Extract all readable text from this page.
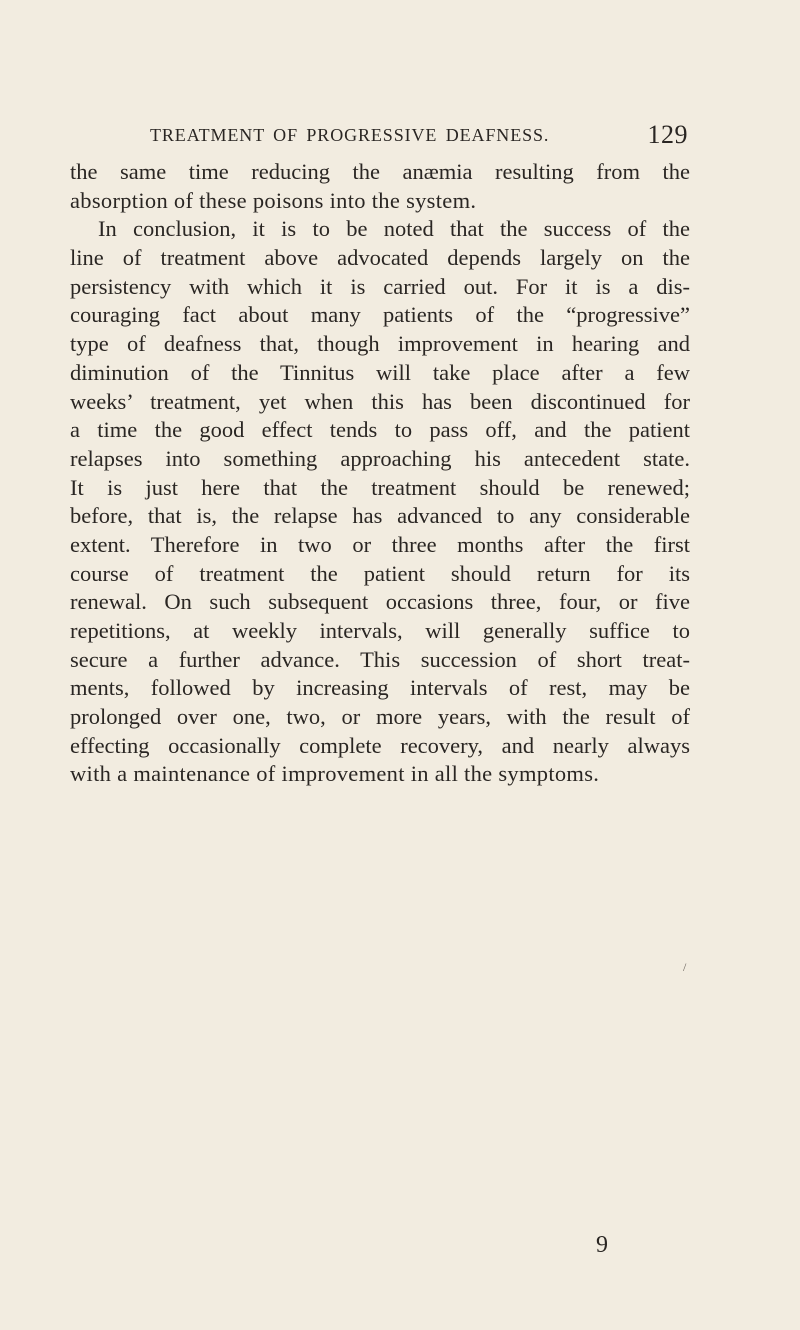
TREATMENT OF PROGRESSIVE DEAFNESS.	129
the same time reducing the anæmia resulting from the
absorption of these poisons into the system.
In conclusion, it is to be noted that the success of the
line of treatment above advocated depends largely on the
persistency with which it is carried out. For it is a dis-
couraging fact about many patients of the “progressive”
type of deafness that, though improvement in hearing and
diminution of the Tinnitus will take place after a few
weeks’ treatment, yet when this has been discontinued for
a time the good effect tends to pass off, and the patient
relapses into something approaching his antecedent state.
It is just here that the treatment should be renewed;
before, that is, the relapse has advanced to any considerable
extent. Therefore in two or three months after the first
course of treatment the patient should return for its
renewal. On such subsequent occasions three, four, or five
repetitions, at weekly intervals, will generally suffice to
secure a further advance. This succession of short treat-
ments, followed by increasing intervals of rest, may be
prolonged over one, two, or more years, with the result of
effecting occasionally complete recovery, and nearly always
with a maintenance of improvement in all the symptoms.
/
9
